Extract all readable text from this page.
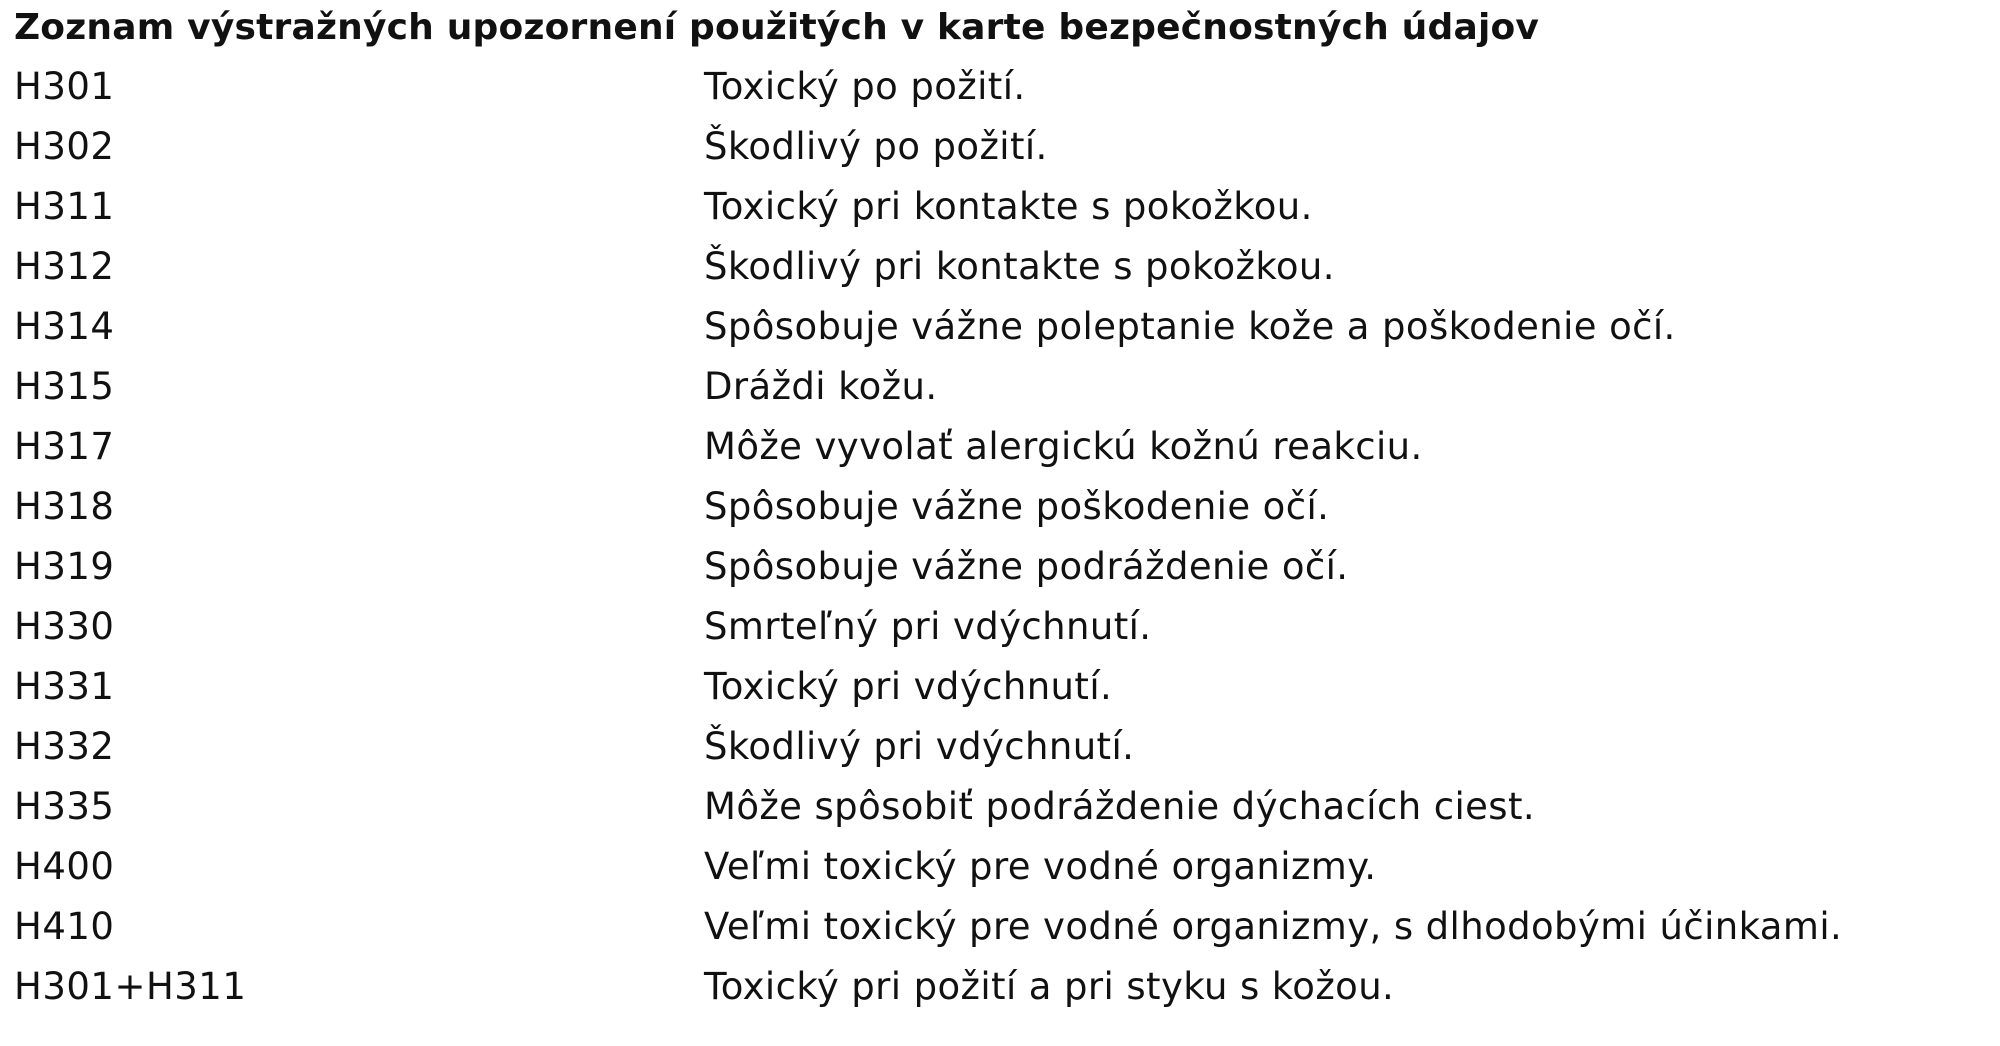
Zoznam výstražných upozornení použitých v karte bezpečnostných údajov
H301	Toxický po požití.
H302	Škodlivý po požití.
H311	Toxický pri kontakte s pokožkou.
H312	Škodlivý pri kontakte s pokožkou.
H314	Spôsobuje vážne poleptanie kože a poškodenie očí.
H315	Dráždi kožu.
H317	Môže vyvolať alergickú kožnú reakciu.
H318	Spôsobuje vážne poškodenie očí.
H319	Spôsobuje vážne podráždenie očí.
H330	Smrteľný pri vdýchnutí.
H331	Toxický pri vdýchnutí.
H332	Škodlivý pri vdýchnutí.
H335	Môže spôsobiť podráždenie dýchacích ciest.
H400	Veľmi toxický pre vodné organizmy.
H410	Veľmi toxický pre vodné organizmy, s dlhodobými účinkami.
H301+H311	Toxický pri požití a pri styku s kožou.
